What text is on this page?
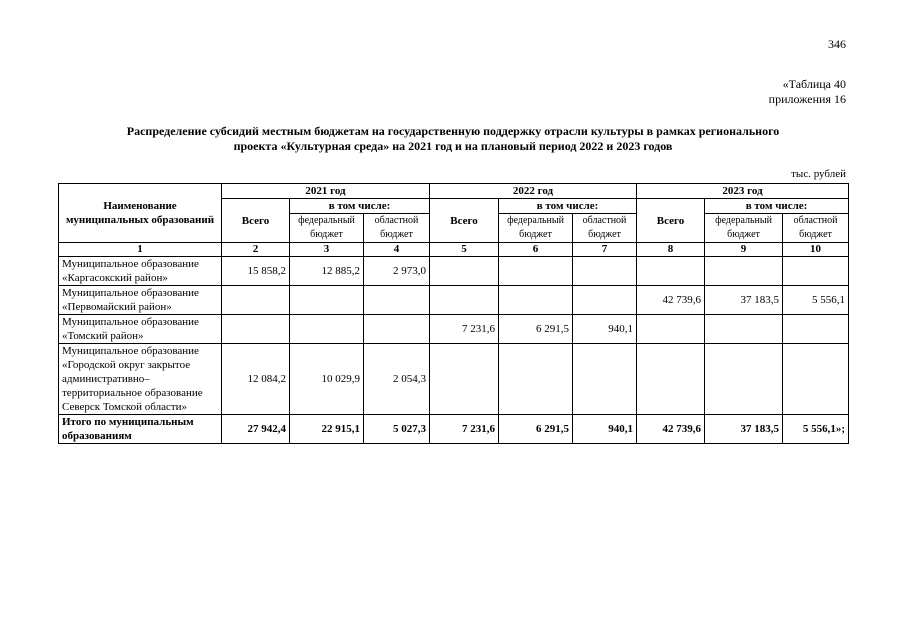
346
«Таблица 40
приложения 16
Распределение субсидий местным бюджетам на государственную поддержку отрасли культуры в рамках регионального
проекта «Культурная среда» на 2021 год и на плановый период 2022 и 2023 годов
тыс. рублей
Наименование муниципальных образований	2021 год			2022 год			2023 год		
	Всего	в том числе:		Всего	в том числе:		Всего	в том числе:	
		федеральный бюджет	областной бюджет		федеральный бюджет	областной бюджет		федеральный бюджет	областной бюджет
1	2	3	4	5	6	7	8	9	10
Муниципальное образование «Каргасокский район»	15 858,2	12 885,2	2 973,0						
Муниципальное образование «Первомайский район»							42 739,6	37 183,5	5 556,1
Муниципальное образование «Томский район»				7 231,6	6 291,5	940,1			
Муниципальное образование «Городской округ закрытое административно–территориальное образование Северск Томской области»	12 084,2	10 029,9	2 054,3						
Итого по муниципальным образованиям	27 942,4	22 915,1	5 027,3	7 231,6	6 291,5	940,1	42 739,6	37 183,5	5 556,1»;
